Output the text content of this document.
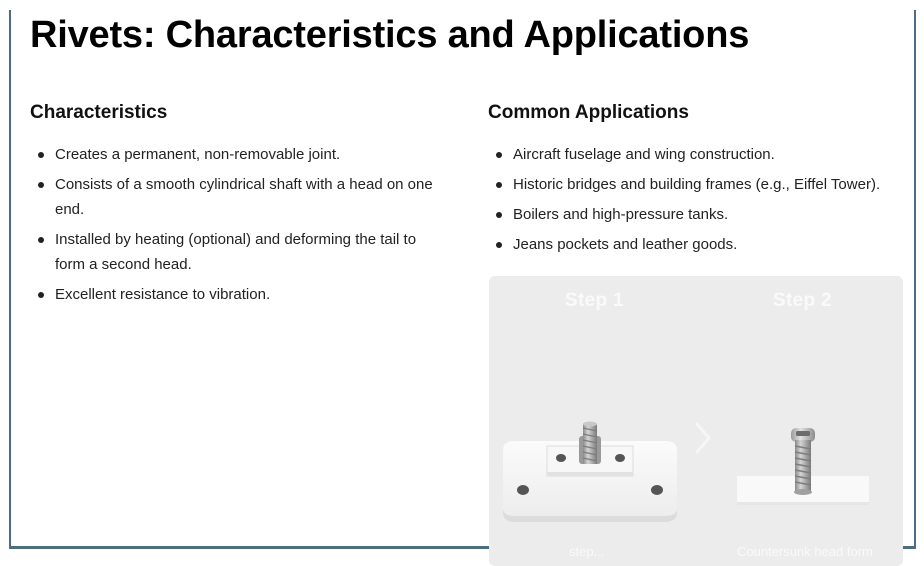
Rivets: Characteristics and Applications
Characteristics
Creates a permanent, non-removable joint.
Consists of a smooth cylindrical shaft with a head on one end.
Installed by heating (optional) and deforming the tail to form a second head.
Excellent resistance to vibration.
Common Applications
Aircraft fuselage and wing construction.
Historic bridges and building frames (e.g., Eiffel Tower).
Boilers and high-pressure tanks.
Jeans pockets and leather goods.
Step 1	Step 2
step...	Countersunk head form
